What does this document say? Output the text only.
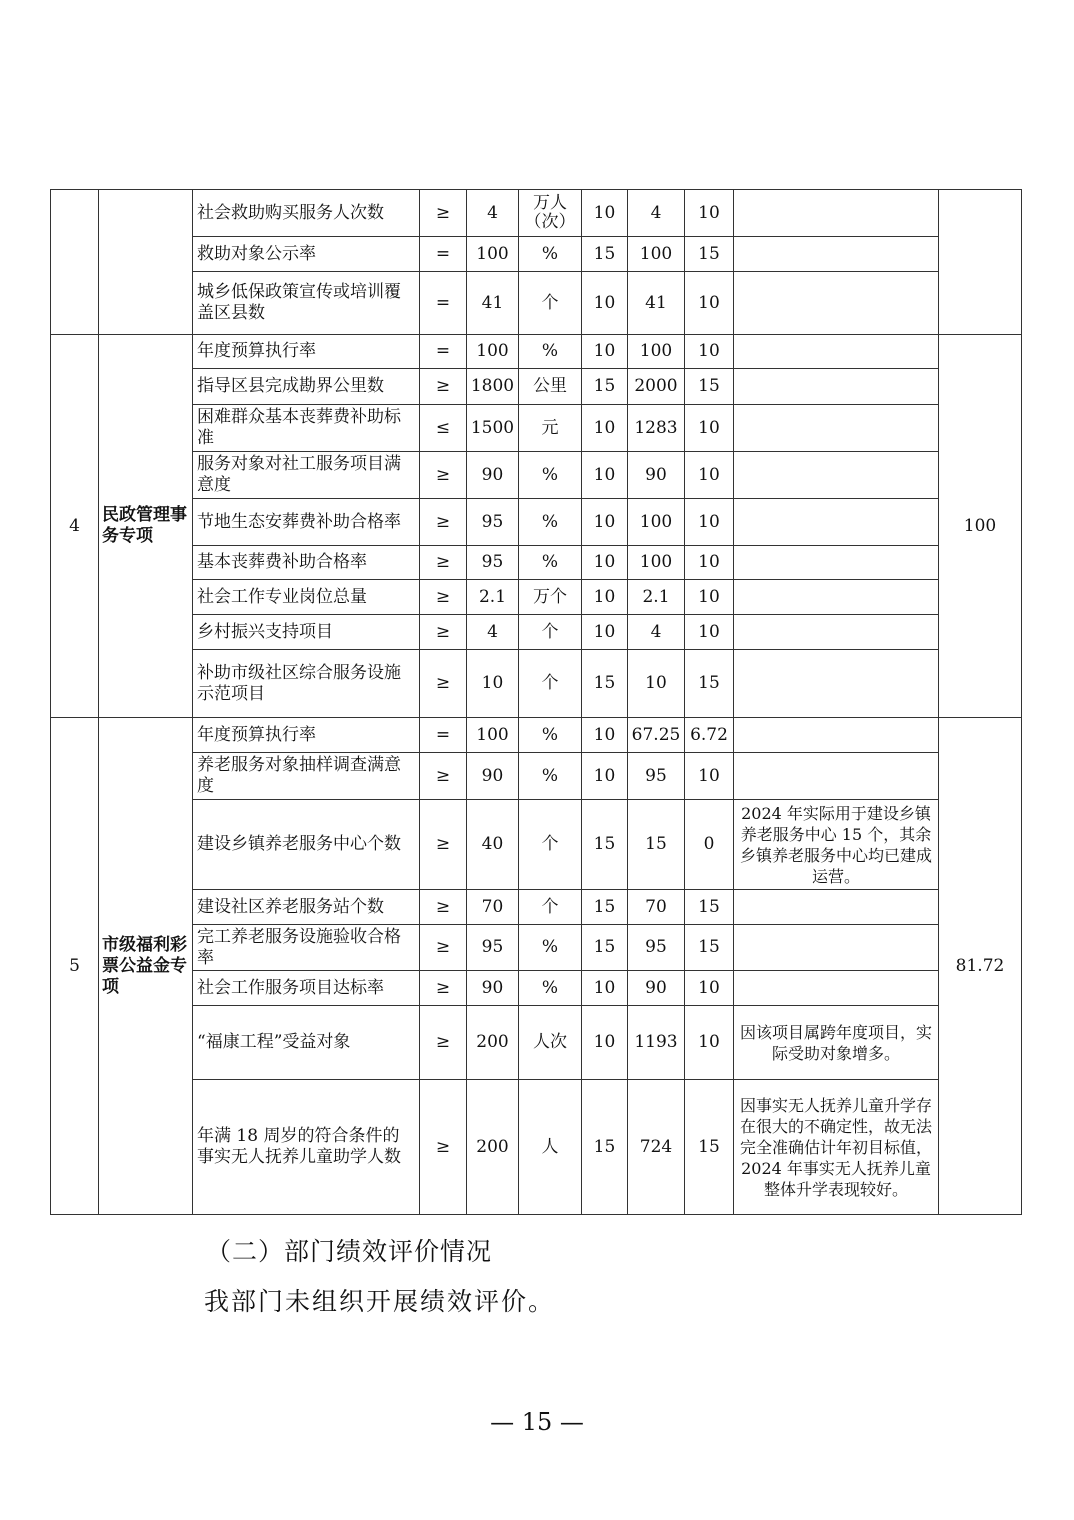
		社会救助购买服务人次数	≥	4	万人（次）	10	4	10		
		救助对象公示率	=	100	%	15	100	15		
		城乡低保政策宣传或培训覆盖区县数	=	41	个	10	41	10		
4	民政管理事务专项	年度预算执行率	=	100	%	10	100	10		100
		指导区县完成勘界公里数	≥	1800	公里	15	2000	15		
		困难群众基本丧葬费补助标准	≤	1500	元	10	1283	10		
		服务对象对社工服务项目满意度	≥	90	%	10	90	10		
		节地生态安葬费补助合格率	≥	95	%	10	100	10		
		基本丧葬费补助合格率	≥	95	%	10	100	10		
		社会工作专业岗位总量	≥	2.1	万个	10	2.1	10		
		乡村振兴支持项目	≥	4	个	10	4	10		
		补助市级社区综合服务设施示范项目	≥	10	个	15	10	15		
5	市级福利彩票公益金专项	年度预算执行率	=	100	%	10	67.25	6.72		81.72
		养老服务对象抽样调查满意度	≥	90	%	10	95	10		
		建设乡镇养老服务中心个数	≥	40	个	15	15	0	2024 年实际用于建设乡镇养老服务中心 15 个，其余乡镇养老服务中心均已建成运营。	
		建设社区养老服务站个数	≥	70	个	15	70	15		
		完工养老服务设施验收合格率	≥	95	%	15	95	15		
		社会工作服务项目达标率	≥	90	%	10	90	10		
		“福康工程”受益对象	≥	200	人次	10	1193	10	因该项目属跨年度项目，实际受助对象增多。	
		年满 18 周岁的符合条件的事实无人抚养儿童助学人数	≥	200	人	15	724	15	因事实无人抚养儿童升学存在很大的不确定性，故无法完全准确估计年初目标值，2024 年事实无人抚养儿童整体升学表现较好。	
（二）部门绩效评价情况
我部门未组织开展绩效评价。
— 15 —
